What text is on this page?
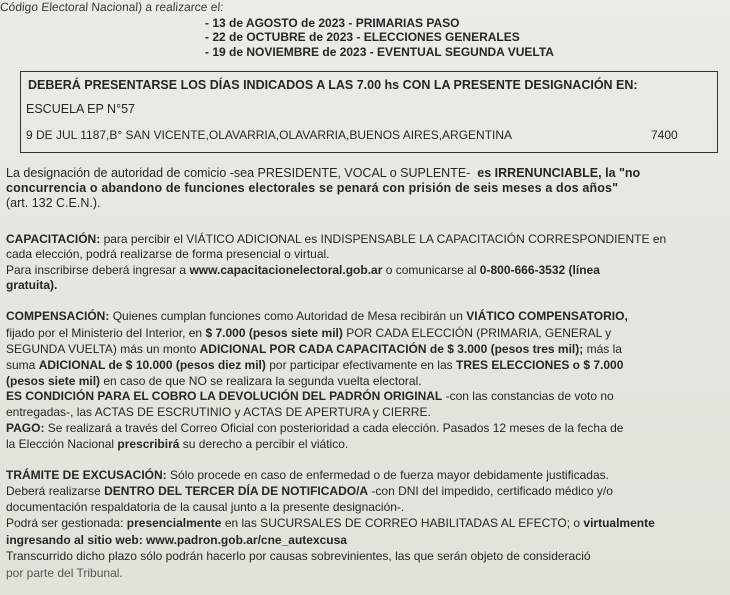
Código Electoral Nacional) a realizarce el:
- 13 de AGOSTO de 2023 - PRIMARIAS PASO
- 22 de OCTUBRE de 2023 - ELECCIONES GENERALES
- 19 de NOVIEMBRE de 2023 - EVENTUAL SEGUNDA VUELTA
DEBERÁ PRESENTARSE LOS DÍAS INDICADOS A LAS 7.00 hs CON LA PRESENTE DESIGNACIÓN EN:
ESCUELA EP N°57
9 DE JUL 1187,B° SAN VICENTE,OLAVARRIA,OLAVARRIA,BUENOS AIRES,ARGENTINA	7400
La designación de autoridad de comicio -sea PRESIDENTE, VOCAL o SUPLENTE- es IRRENUNCIABLE, la "no
concurrencia o abandono de funciones electorales se penará con prisión de seis meses a dos años"
(art. 132 C.E.N.).
CAPACITACIÓN: para percibir el VIÁTICO ADICIONAL es INDISPENSABLE LA CAPACITACIÓN CORRESPONDIENTE en
cada elección, podrá realizarse de forma presencial o virtual.
Para inscribirse deberá ingresar a www.capacitacionelectoral.gob.ar o comunicarse al 0-800-666-3532 (línea
gratuita).
COMPENSACIÓN: Quienes cumplan funciones como Autoridad de Mesa recibirán un VIÁTICO COMPENSATORIO,
fijado por el Ministerio del Interior, en $ 7.000 (pesos siete mil) POR CADA ELECCIÓN (PRIMARIA, GENERAL y
SEGUNDA VUELTA) más un monto ADICIONAL POR CADA CAPACITACIÓN de $ 3.000 (pesos tres mil); más la
suma ADICIONAL de $ 10.000 (pesos diez mil) por participar efectivamente en las TRES ELECCIONES o $ 7.000
(pesos siete mil) en caso de que NO se realizara la segunda vuelta electoral.
ES CONDICIÓN PARA EL COBRO LA DEVOLUCIÓN DEL PADRÓN ORIGINAL -con las constancias de voto no
entregadas-, las ACTAS DE ESCRUTINIO y ACTAS DE APERTURA y CIERRE.
PAGO: Se realizará a través del Correo Oficial con posterioridad a cada elección. Pasados 12 meses de la fecha de
la Elección Nacional prescribirá su derecho a percibir el viático.
TRÁMITE DE EXCUSACIÓN: Sólo procede en caso de enfermedad o de fuerza mayor debidamente justificadas.
Deberá realizarse DENTRO DEL TERCER DÍA DE NOTIFICADO/A -con DNI del impedido, certificado médico y/o
documentación respaldatoria de la causal junto a la presente designación-.
Podrá ser gestionada: presencialmente en las SUCURSALES DE CORREO HABILITADAS AL EFECTO; o virtualmente
ingresando al sitio web: www.padron.gob.ar/cne_autexcusa
Transcurrido dicho plazo sólo podrán hacerlo por causas sobrevinientes, las que serán objeto de consideració
por parte del Tribunal.
